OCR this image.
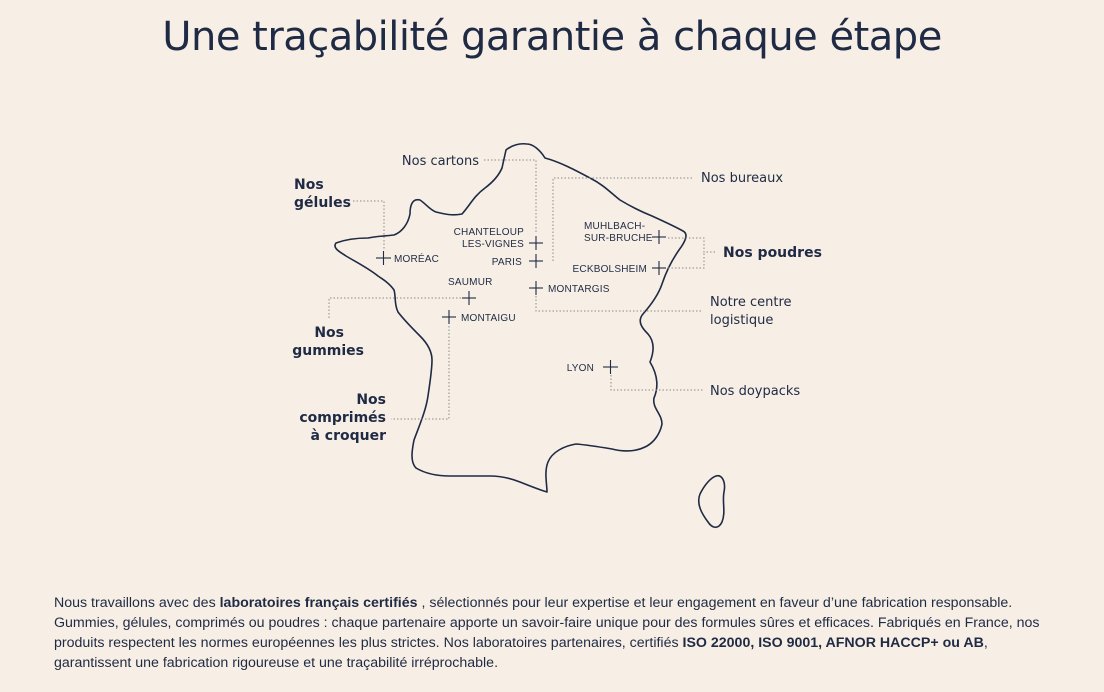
Une traçabilité garantie à chaque étape
MORÉAC
CHANTELOUP
LES-VIGNES
PARIS
MUHLBACH-
SUR-BRUCHE
ECKBOLSHEIM
SAUMUR
MONTARGIS
MONTAIGU
LYON
Nos cartons
Nos bureaux
Nos
gélules
Nos poudres
Notre centre
logistique
Nos
gummies
Nos doypacks
Nos
comprimés
à croquer

Nous travaillons avec des laboratoires français certifiés , sélectionnés pour leur expertise et leur engagement en faveur d’une fabrication responsable. Gummies, gélules, comprimés ou poudres : chaque partenaire apporte un savoir-faire unique pour des formules sûres et efficaces. Fabriqués en France, nos produits respectent les normes européennes les plus strictes. Nos laboratoires partenaires, certifiés ISO 22000, ISO 9001, AFNOR HACCP+ ou AB, garantissent une fabrication rigoureuse et une traçabilité irréprochable.
